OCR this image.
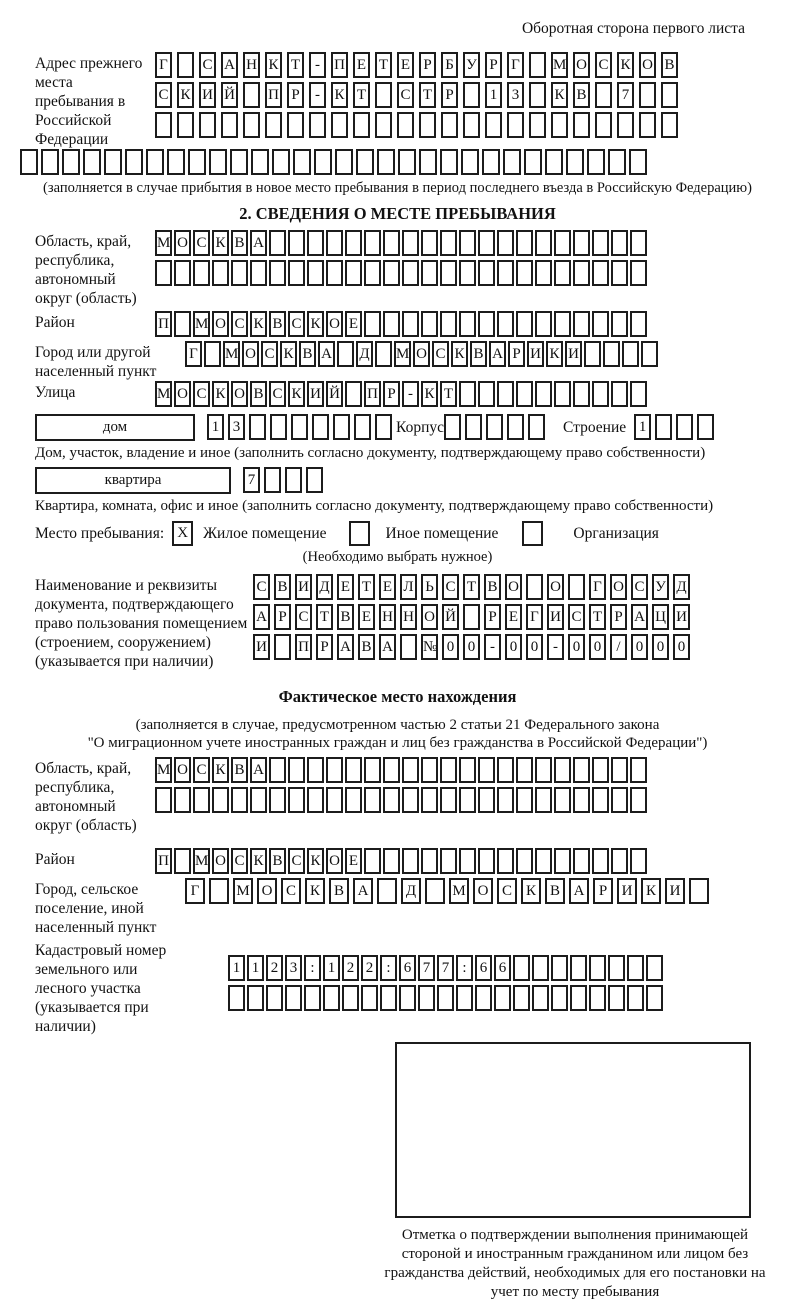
Оборотная сторона первого листа
Адрес прежнего места пребывания в Российской Федерации
Г С А Н К Т - П Е Т Е Р Б У Р Г М О С К О В
С К И Й П Р - К Т С Т Р 1 3 К В 7
(заполняется в случае прибытия в новое место пребывания в период последнего въезда в Российскую Федерацию)
2. СВЕДЕНИЯ О МЕСТЕ ПРЕБЫВАНИЯ
Область, край, республика, автономный округ (область)
М О С К В А
Район	П М О С К В С К О Е
Город или другой населенный пункт
Г М О С К В А Д М О С К В А Р И К И
Улица	М О С К О В С К И Й П Р - К Т
дом	1 3	Корпус	Строение 1
Дом, участок, владение и иное (заполнить согласно документу, подтверждающему право собственности)
квартира	7
Квартира, комната, офис и иное (заполнить согласно документу, подтверждающему право собственности)
Место пребывания: X Жилое помещение	Иное помещение	Организация
(Необходимо выбрать нужное)
Наименование и реквизиты документа, подтверждающего право пользования помещением (строением, сооружением) (указывается при наличии)
С В И Д Е Т Е Л Ь С Т В О О Г О С У Д
А Р С Т В Е Н Н О Й Р Е Г И С Т Р А Ц И
И П Р А В А № 0 0 - 0 0 - 0 0 / 0 0 0
Фактическое место нахождения
(заполняется в случае, предусмотренном частью 2 статьи 21 Федерального закона
"О миграционном учете иностранных граждан и лиц без гражданства в Российской Федерации")
Область, край, республика, автономный округ (область)
М О С К В А
Район	П М О С К В С К О Е
Город, сельское поселение, иной населенный пункт
Г М О С К В А Д М О С К В А Р И К И
Кадастровый номер земельного или лесного участка (указывается при наличии)
1 1 2 3 : 1 2 2 : 6 7 7 : 6 6
Отметка о подтверждении выполнения принимающей стороной и иностранным гражданином или лицом без гражданства действий, необходимых для его постановки на учет по месту пребывания
